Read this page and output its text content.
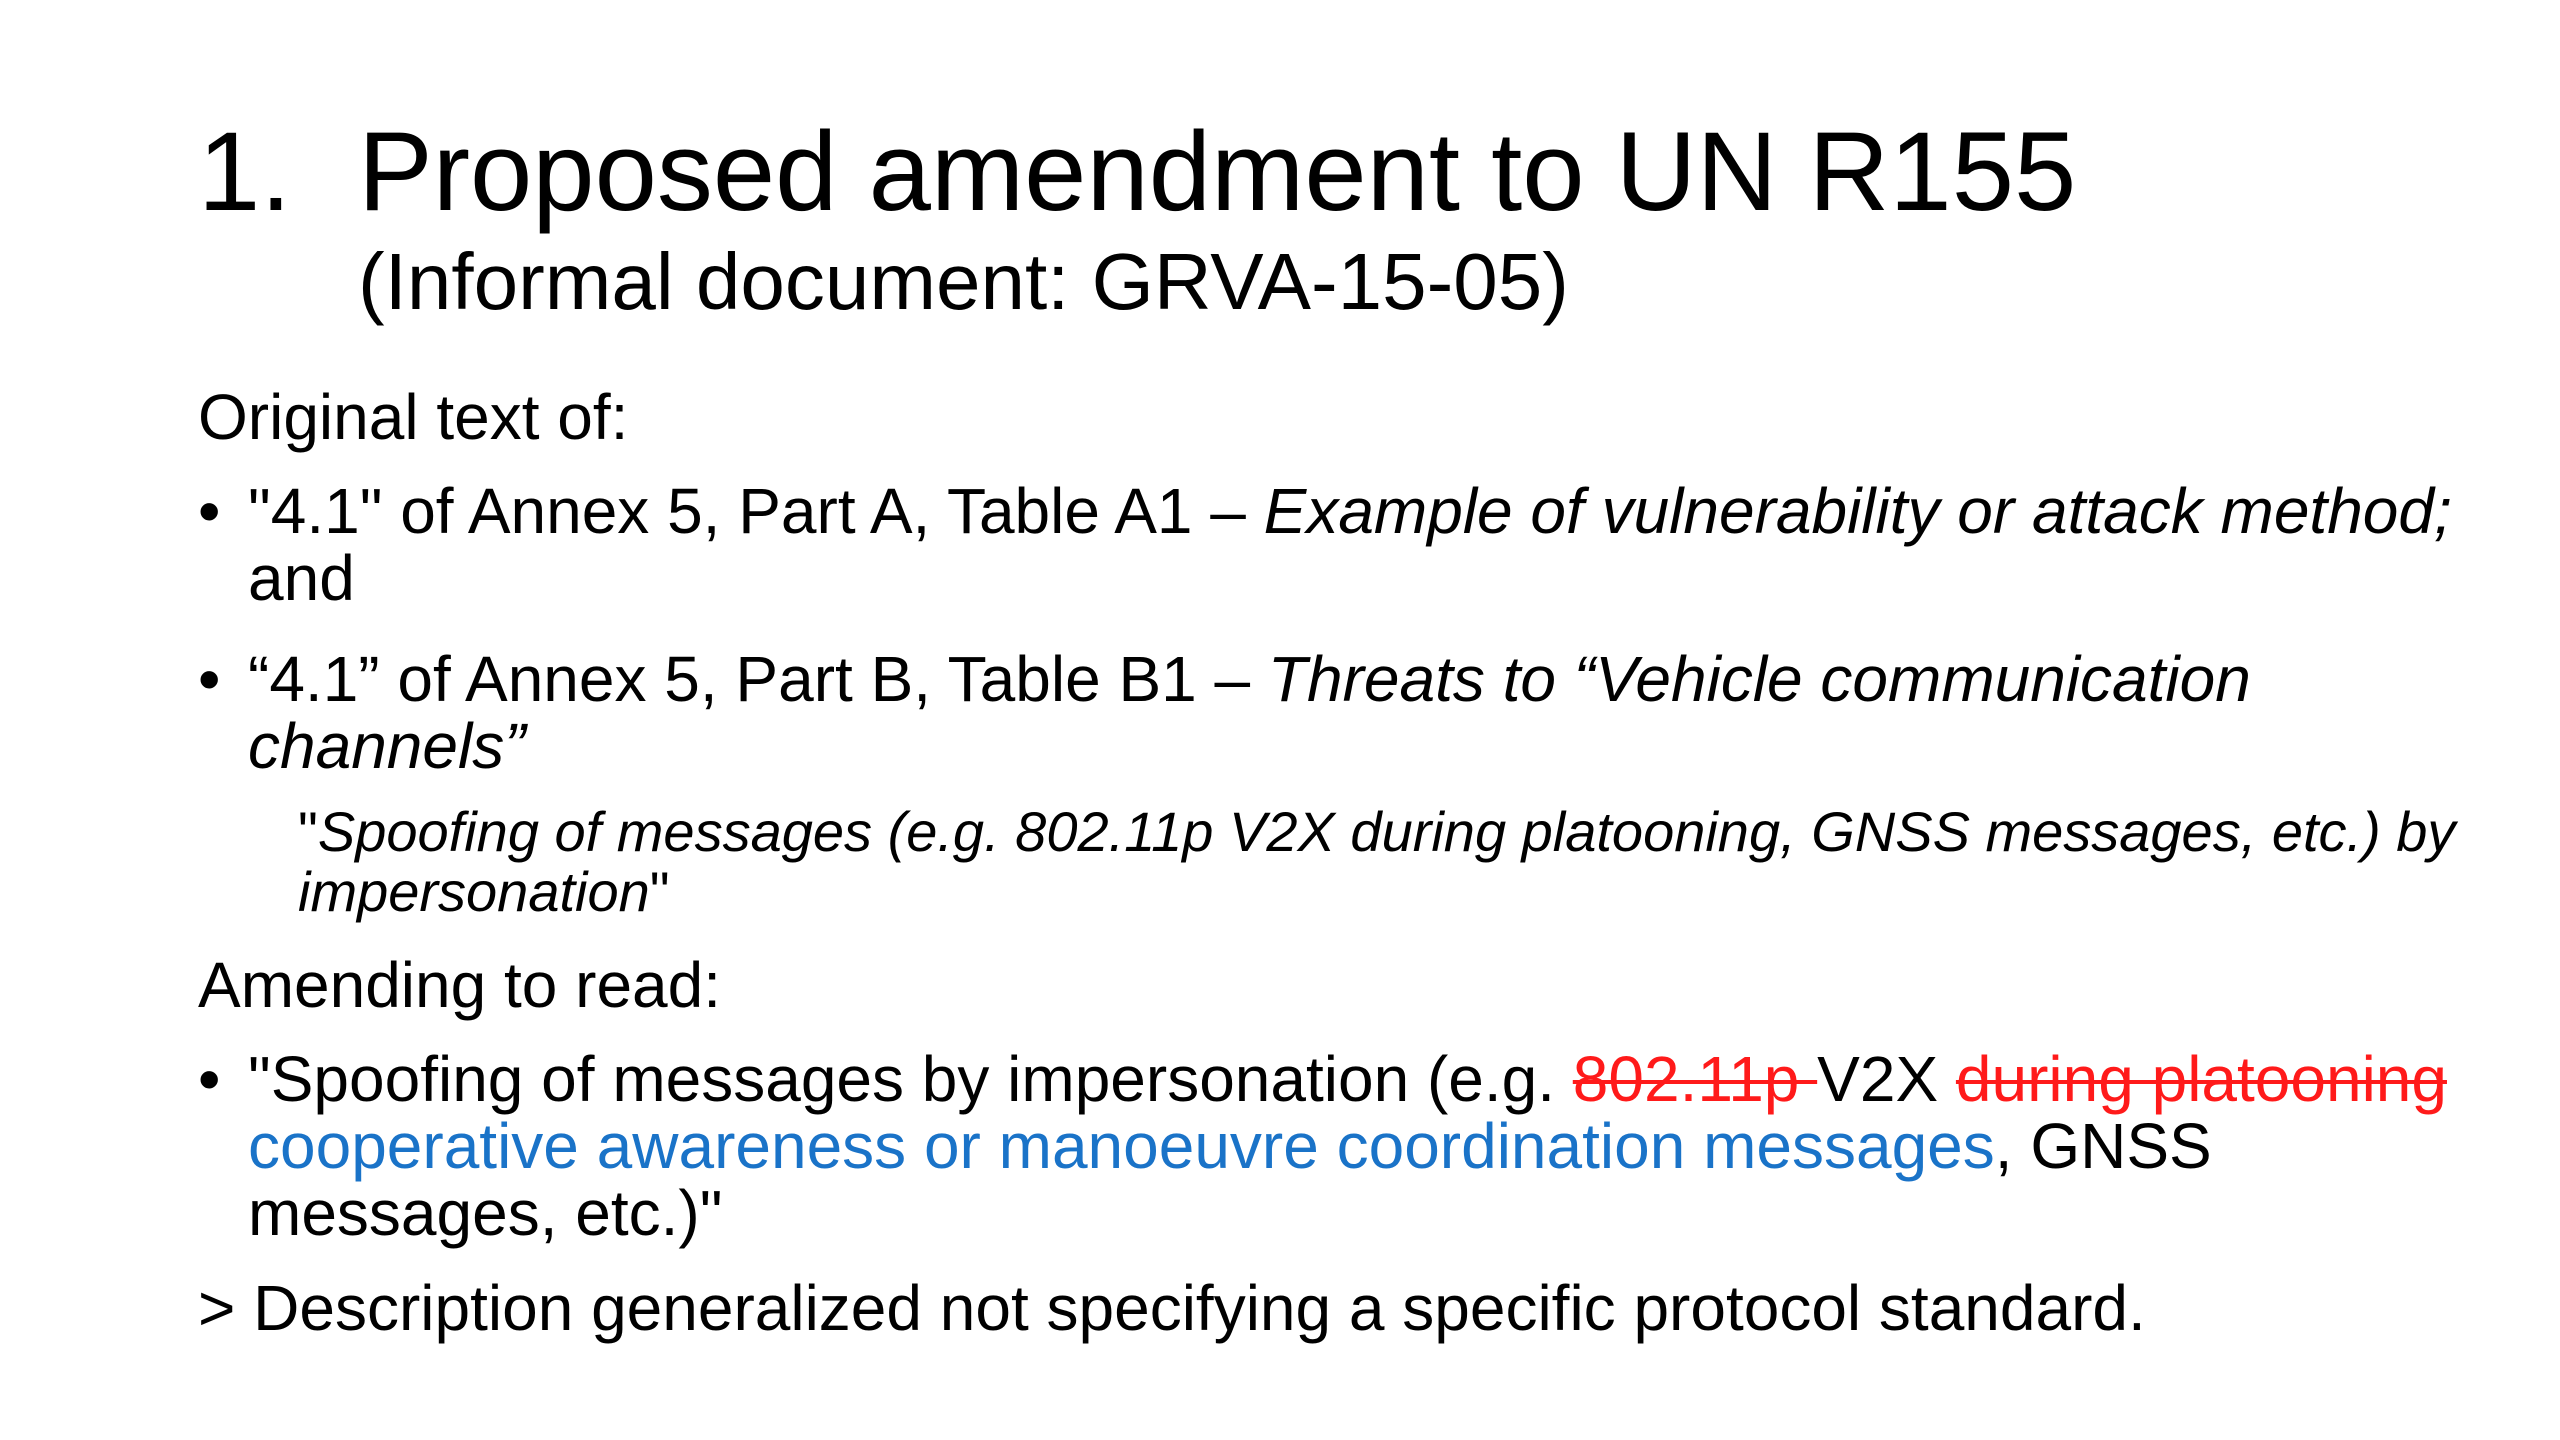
1. Proposed amendment to UN R155
(Informal document: GRVA-15-05)

Original text of:

• "4.1" of Annex 5, Part A, Table A1 – Example of vulnerability or attack method; and
• “4.1” of Annex 5, Part B, Table B1 – Threats to “Vehicle communication channels”
"Spoofing of messages (e.g. 802.11p V2X during platooning, GNSS messages, etc.) by impersonation"

Amending to read:

• "Spoofing of messages by impersonation (e.g. 802.11p V2X during platooning cooperative awareness or manoeuvre coordination messages, GNSS messages, etc.)"

> Description generalized not specifying a specific protocol standard.
